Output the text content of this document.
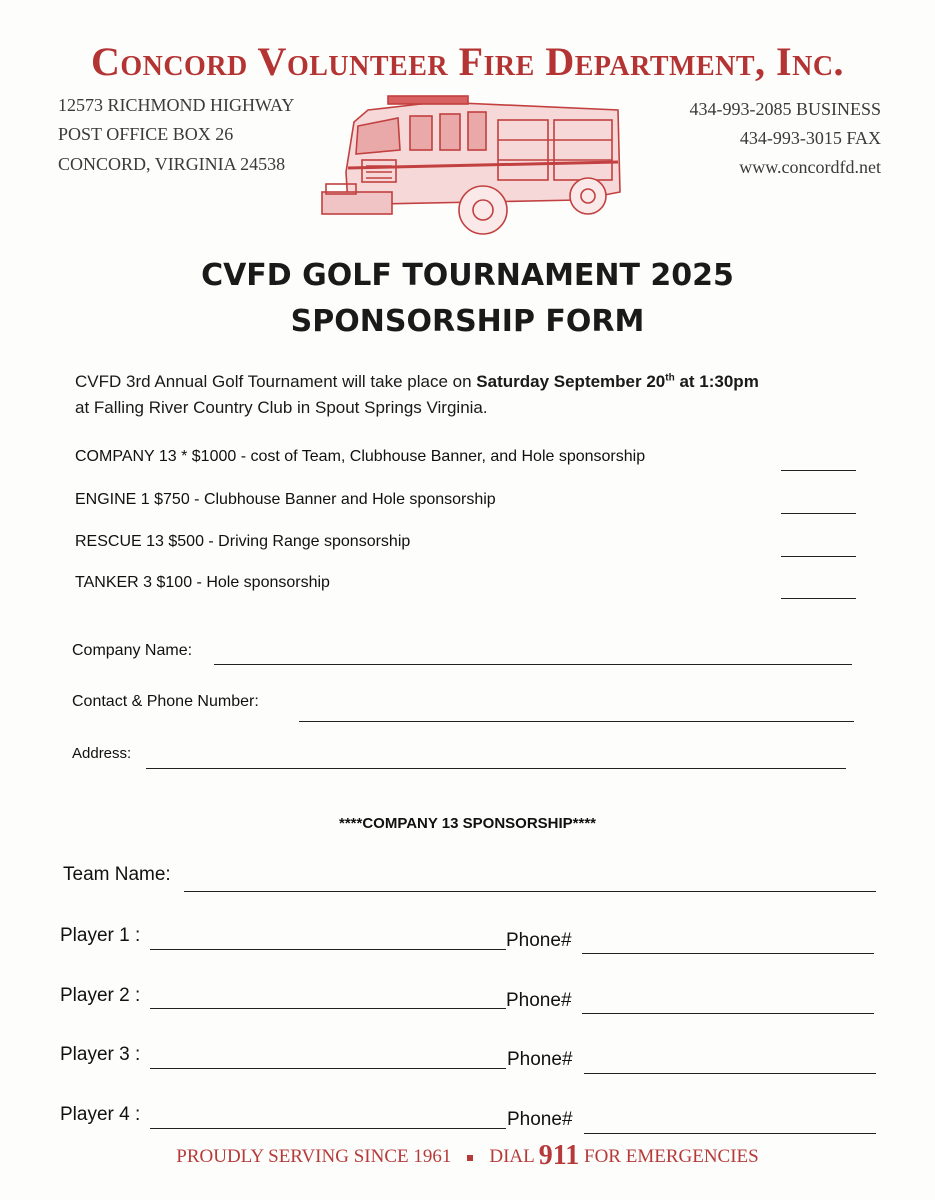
Concord Volunteer Fire Department, Inc.
12573 RICHMOND HIGHWAY
POST OFFICE BOX 26
CONCORD, VIRGINIA 24538
434-993-2085 BUSINESS
434-993-3015 FAX
www.concordfd.net
CVFD GOLF TOURNAMENT 2025
SPONSORSHIP FORM
CVFD 3rd Annual Golf Tournament will take place on Saturday September 20th at 1:30pm
at Falling River Country Club in Spout Springs Virginia.
COMPANY 13 * $1000 - cost of Team, Clubhouse Banner, and Hole sponsorship
ENGINE 1 $750 - Clubhouse Banner and Hole sponsorship
RESCUE 13 $500 - Driving Range sponsorship
TANKER 3 $100 - Hole sponsorship
Company Name:
Contact & Phone Number:
Address:
****COMPANY 13 SPONSORSHIP****
Team Name:
Player 1 :	Phone#
Player 2 :	Phone#
Player 3 :	Phone#
Player 4 :	Phone#
PROUDLY SERVING SINCE 1961 DIAL 911 FOR EMERGENCIES
